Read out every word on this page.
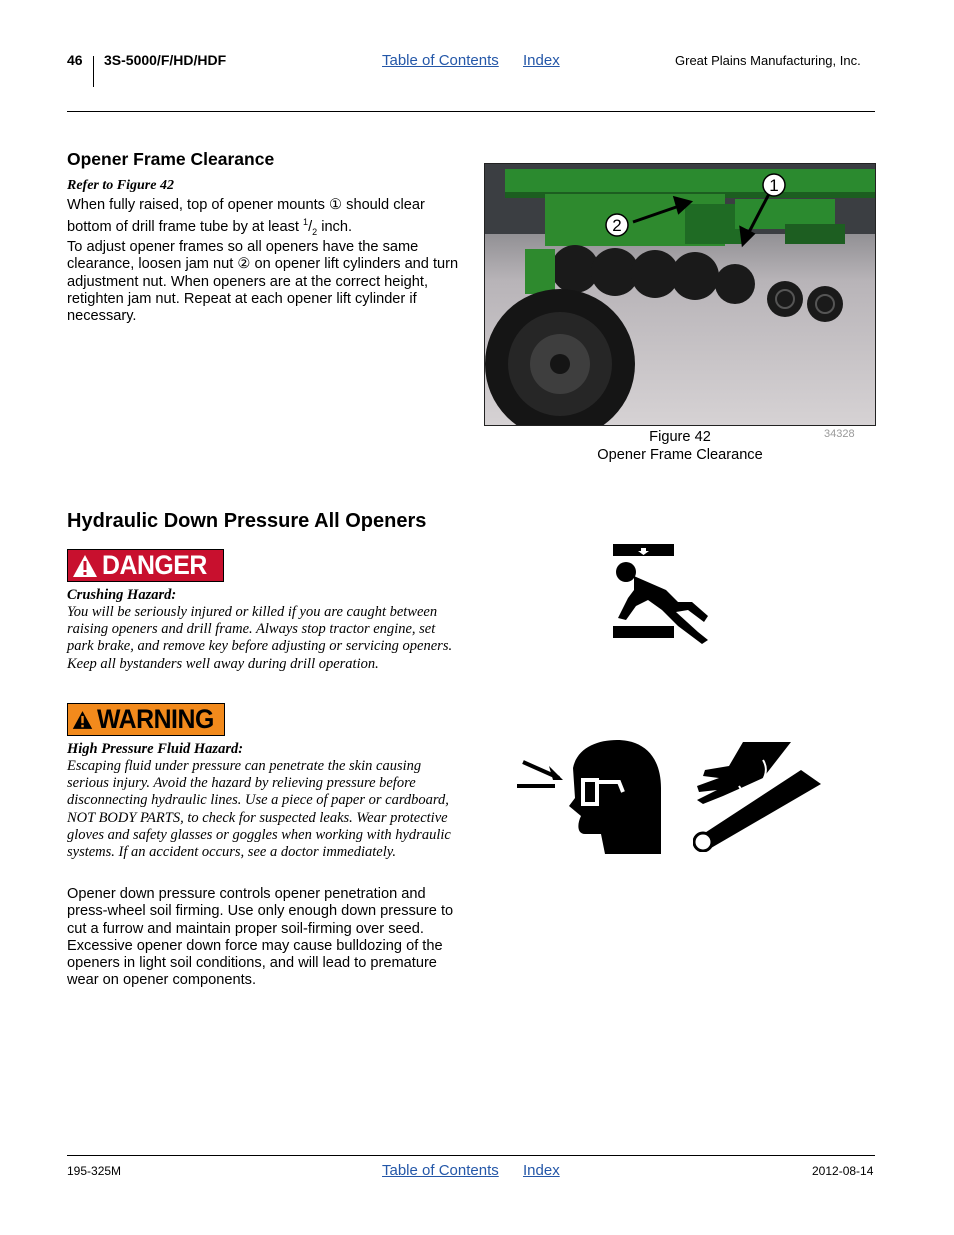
46 3S-5000/F/HD/HDF	Table of Contents Index	Great Plains Manufacturing, Inc.
Opener Frame Clearance
Refer to Figure 42
When fully raised, top of opener mounts ① should clear bottom of drill frame tube by at least $^1/_2$ inch.
To adjust opener frames so all openers have the same clearance, loosen jam nut ② on opener lift cylinders and turn adjustment nut. When openers are at the correct height, retighten jam nut. Repeat at each opener lift cylinder if necessary.
2
1
Figure 42
Opener Frame Clearance
34328
Hydraulic Down Pressure All Openers
DANGER
Crushing Hazard:
You will be seriously injured or killed if you are caught between raising openers and drill frame. Always stop tractor engine, set park brake, and remove key before adjusting or servicing openers. Keep all bystanders well away during drill operation.
WARNING
High Pressure Fluid Hazard:
Escaping fluid under pressure can penetrate the skin causing serious injury. Avoid the hazard by relieving pressure before disconnecting hydraulic lines. Use a piece of paper or cardboard, NOT BODY PARTS, to check for suspected leaks. Wear protective gloves and safety glasses or goggles when working with hydraulic systems. If an accident occurs, see a doctor immediately.
Opener down pressure controls opener penetration and press-wheel soil firming. Use only enough down pressure to cut a furrow and maintain proper soil-firming over seed. Excessive opener down force may cause bulldozing of the openers in light soil conditions, and will lead to premature wear on opener components.
195-325M	Table of Contents Index	2012-08-14
